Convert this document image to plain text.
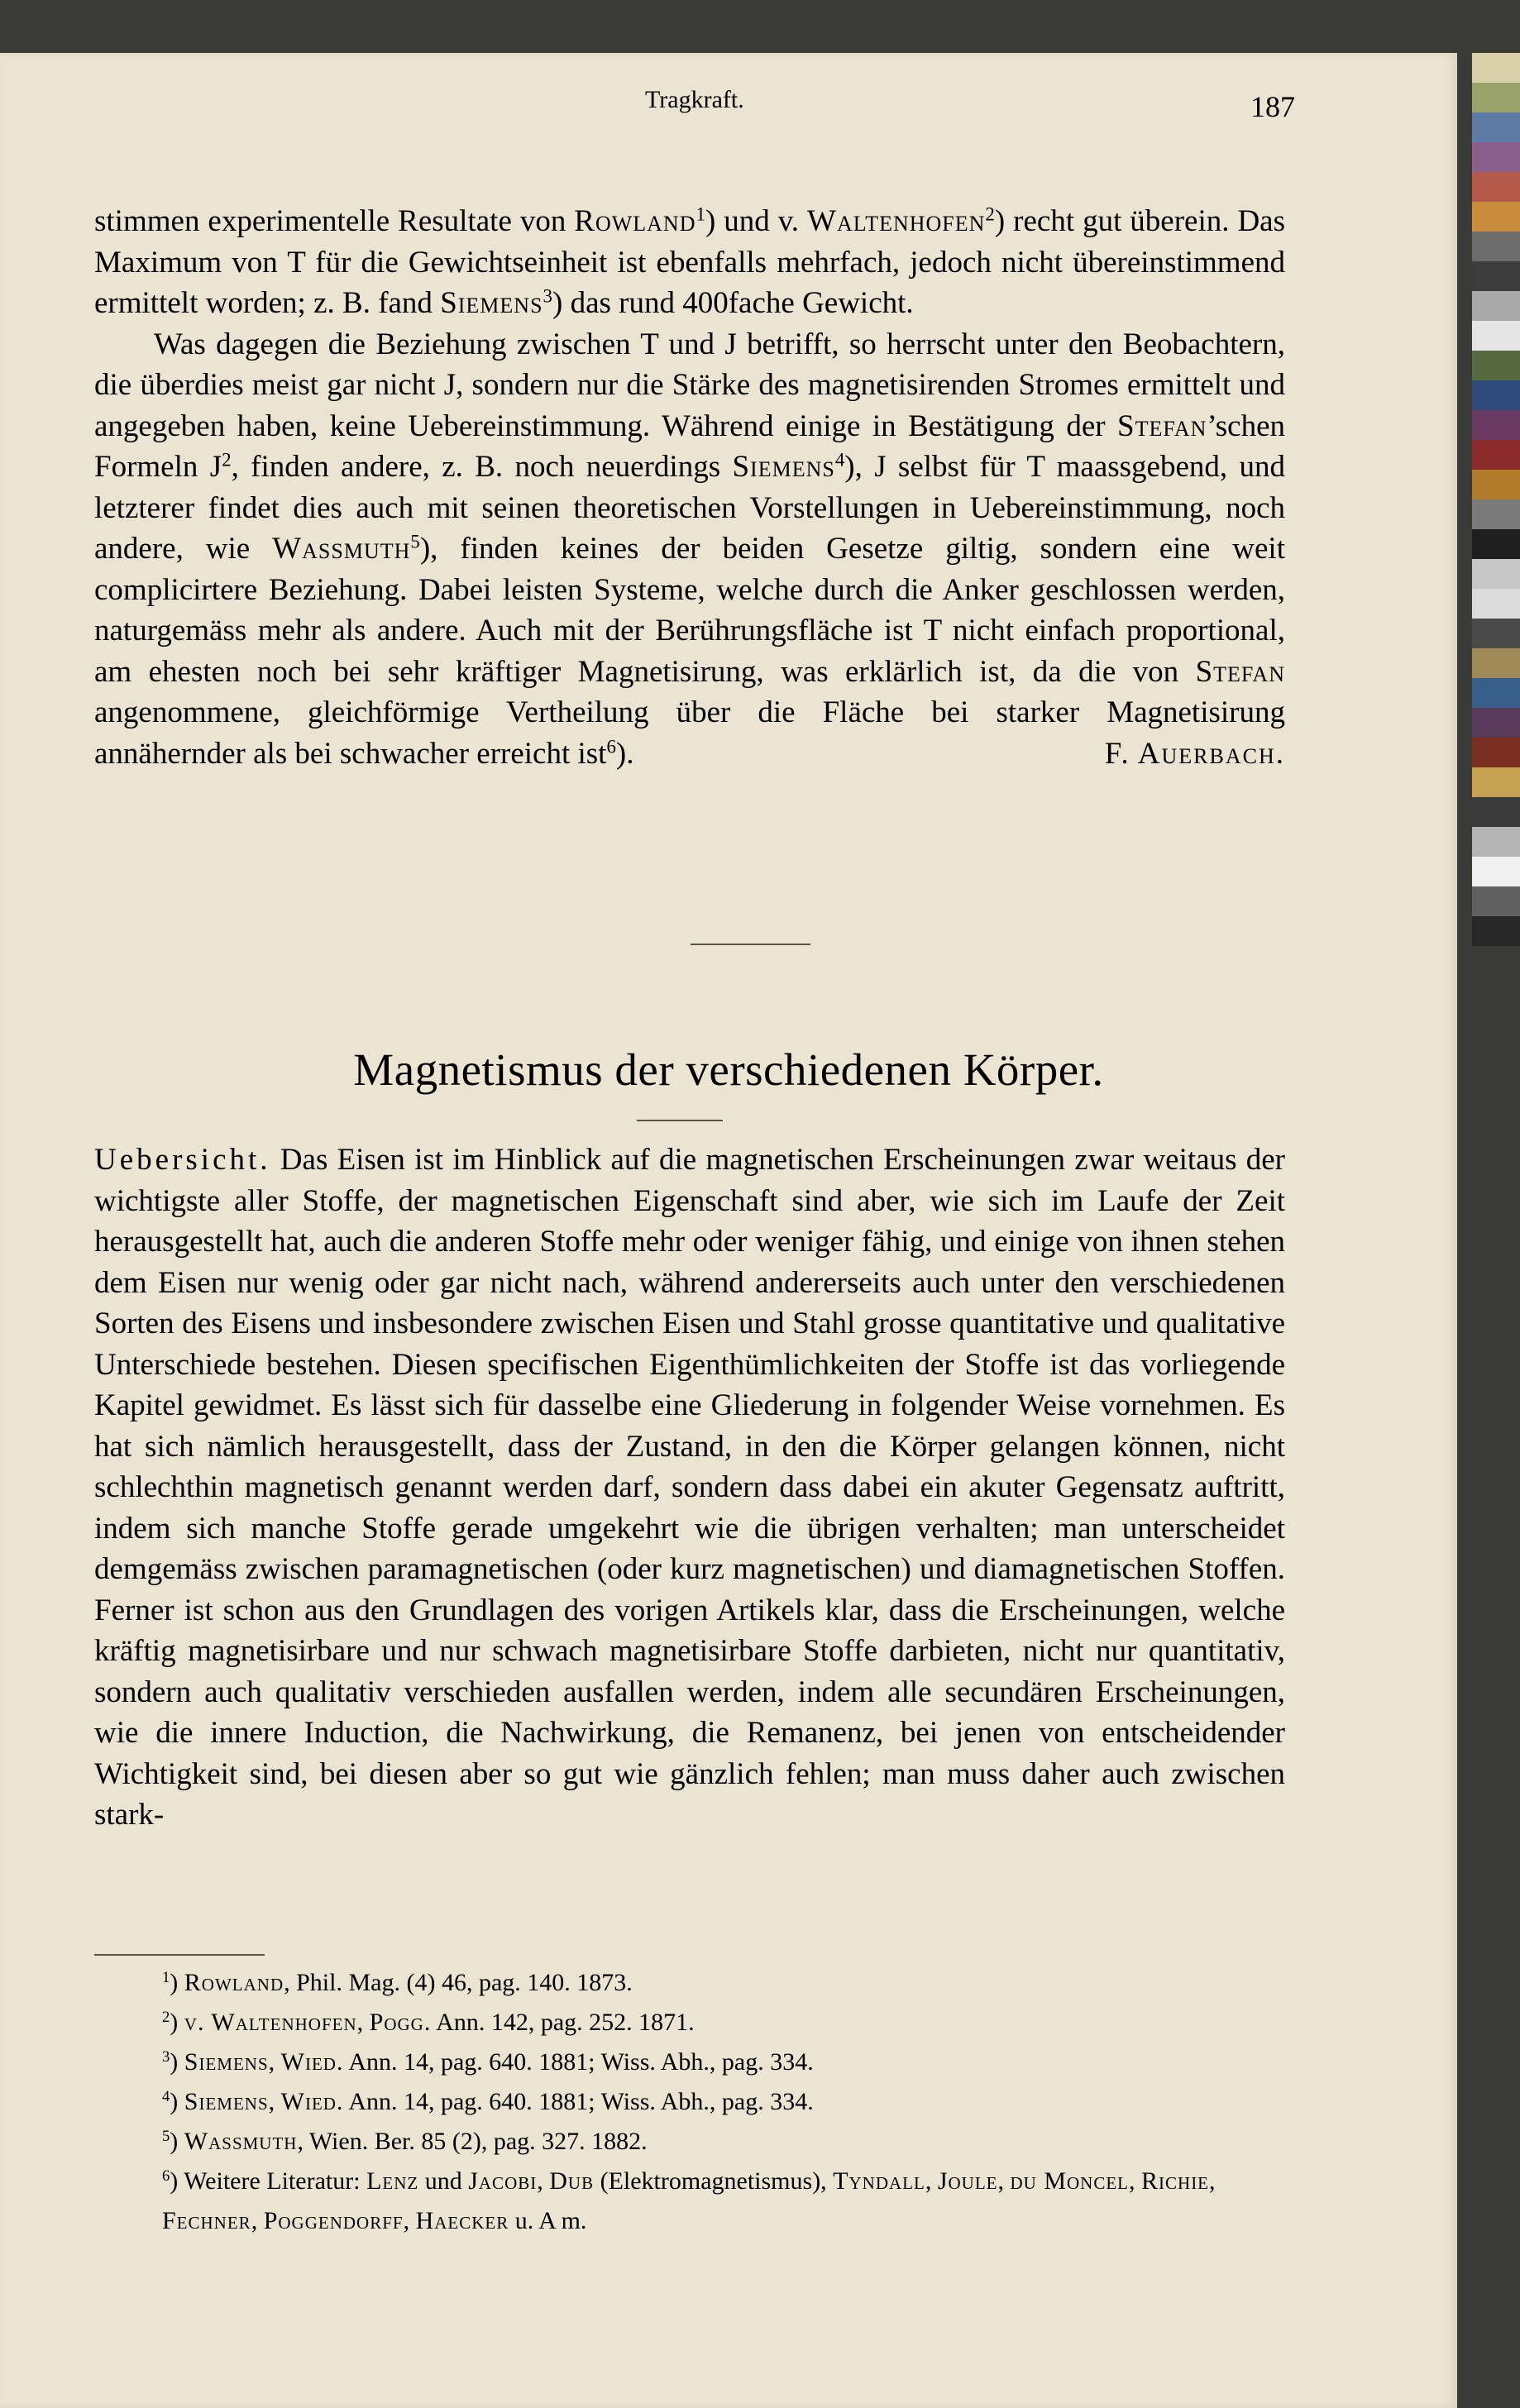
Tragkraft.	187

stimmen experimentelle Resultate von Rowland$^1$) und v. Waltenhofen$^2$) recht gut überein. Das Maximum von T für die Gewichtseinheit ist ebenfalls mehrfach, jedoch nicht übereinstimmend ermittelt worden; z. B. fand Siemens$^3$) das rund 400fache Gewicht.

Was dagegen die Beziehung zwischen T und J betrifft, so herrscht unter den Beobachtern, die überdies meist gar nicht J, sondern nur die Stärke des magnetisirenden Stromes ermittelt und angegeben haben, keine Uebereinstimmung. Während einige in Bestätigung der Stefan’schen Formeln $J^2$, finden andere, z. B. noch neuerdings Siemens$^4$), J selbst für T maassgebend, und letzterer findet dies auch mit seinen theoretischen Vorstellungen in Uebereinstimmung, noch andere, wie Wassmuth$^5$), finden keines der beiden Gesetze giltig, sondern eine weit complicirtere Beziehung. Dabei leisten Systeme, welche durch die Anker geschlossen werden, naturgemäss mehr als andere. Auch mit der Berührungsfläche ist T nicht einfach proportional, am ehesten noch bei sehr kräftiger Magnetisirung, was erklärlich ist, da die von Stefan angenommene, gleichförmige Vertheilung über die Fläche bei starker Magnetisirung annähernder als bei schwacher erreicht ist$^6$).	F. Auerbach.

Magnetismus der verschiedenen Körper.

Uebersicht. Das Eisen ist im Hinblick auf die magnetischen Erscheinungen zwar weitaus der wichtigste aller Stoffe, der magnetischen Eigenschaft sind aber, wie sich im Laufe der Zeit herausgestellt hat, auch die anderen Stoffe mehr oder weniger fähig, und einige von ihnen stehen dem Eisen nur wenig oder gar nicht nach, während andererseits auch unter den verschiedenen Sorten des Eisens und insbesondere zwischen Eisen und Stahl grosse quantitative und qualitative Unterschiede bestehen. Diesen specifischen Eigenthümlichkeiten der Stoffe ist das vorliegende Kapitel gewidmet. Es lässt sich für dasselbe eine Gliederung in folgender Weise vornehmen. Es hat sich nämlich herausgestellt, dass der Zustand, in den die Körper gelangen können, nicht schlechthin magnetisch genannt werden darf, sondern dass dabei ein akuter Gegensatz auftritt, indem sich manche Stoffe gerade umgekehrt wie die übrigen verhalten; man unterscheidet demgemäss zwischen paramagnetischen (oder kurz magnetischen) und diamagnetischen Stoffen. Ferner ist schon aus den Grundlagen des vorigen Artikels klar, dass die Erscheinungen, welche kräftig magnetisirbare und nur schwach magnetisirbare Stoffe darbieten, nicht nur quantitativ, sondern auch qualitativ verschieden ausfallen werden, indem alle secundären Erscheinungen, wie die innere Induction, die Nachwirkung, die Remanenz, bei jenen von entscheidender Wichtigkeit sind, bei diesen aber so gut wie gänzlich fehlen; man muss daher auch zwischen stark-

$^1$) Rowland, Phil. Mag. (4) 46, pag. 140. 1873.

$^2$) v. Waltenhofen, Pogg. Ann. 142, pag. 252. 1871.

$^3$) Siemens, Wied. Ann. 14, pag. 640. 1881; Wiss. Abh., pag. 334.

$^4$) Siemens, Wied. Ann. 14, pag. 640. 1881; Wiss. Abh., pag. 334.

$^5$) Wassmuth, Wien. Ber. 85 (2), pag. 327. 1882.

$^6$) Weitere Literatur: Lenz und Jacobi, Dub (Elektromagnetismus), Tyndall, Joule, du Moncel, Richie, Fechner, Poggendorff, Haecker u. A m.
